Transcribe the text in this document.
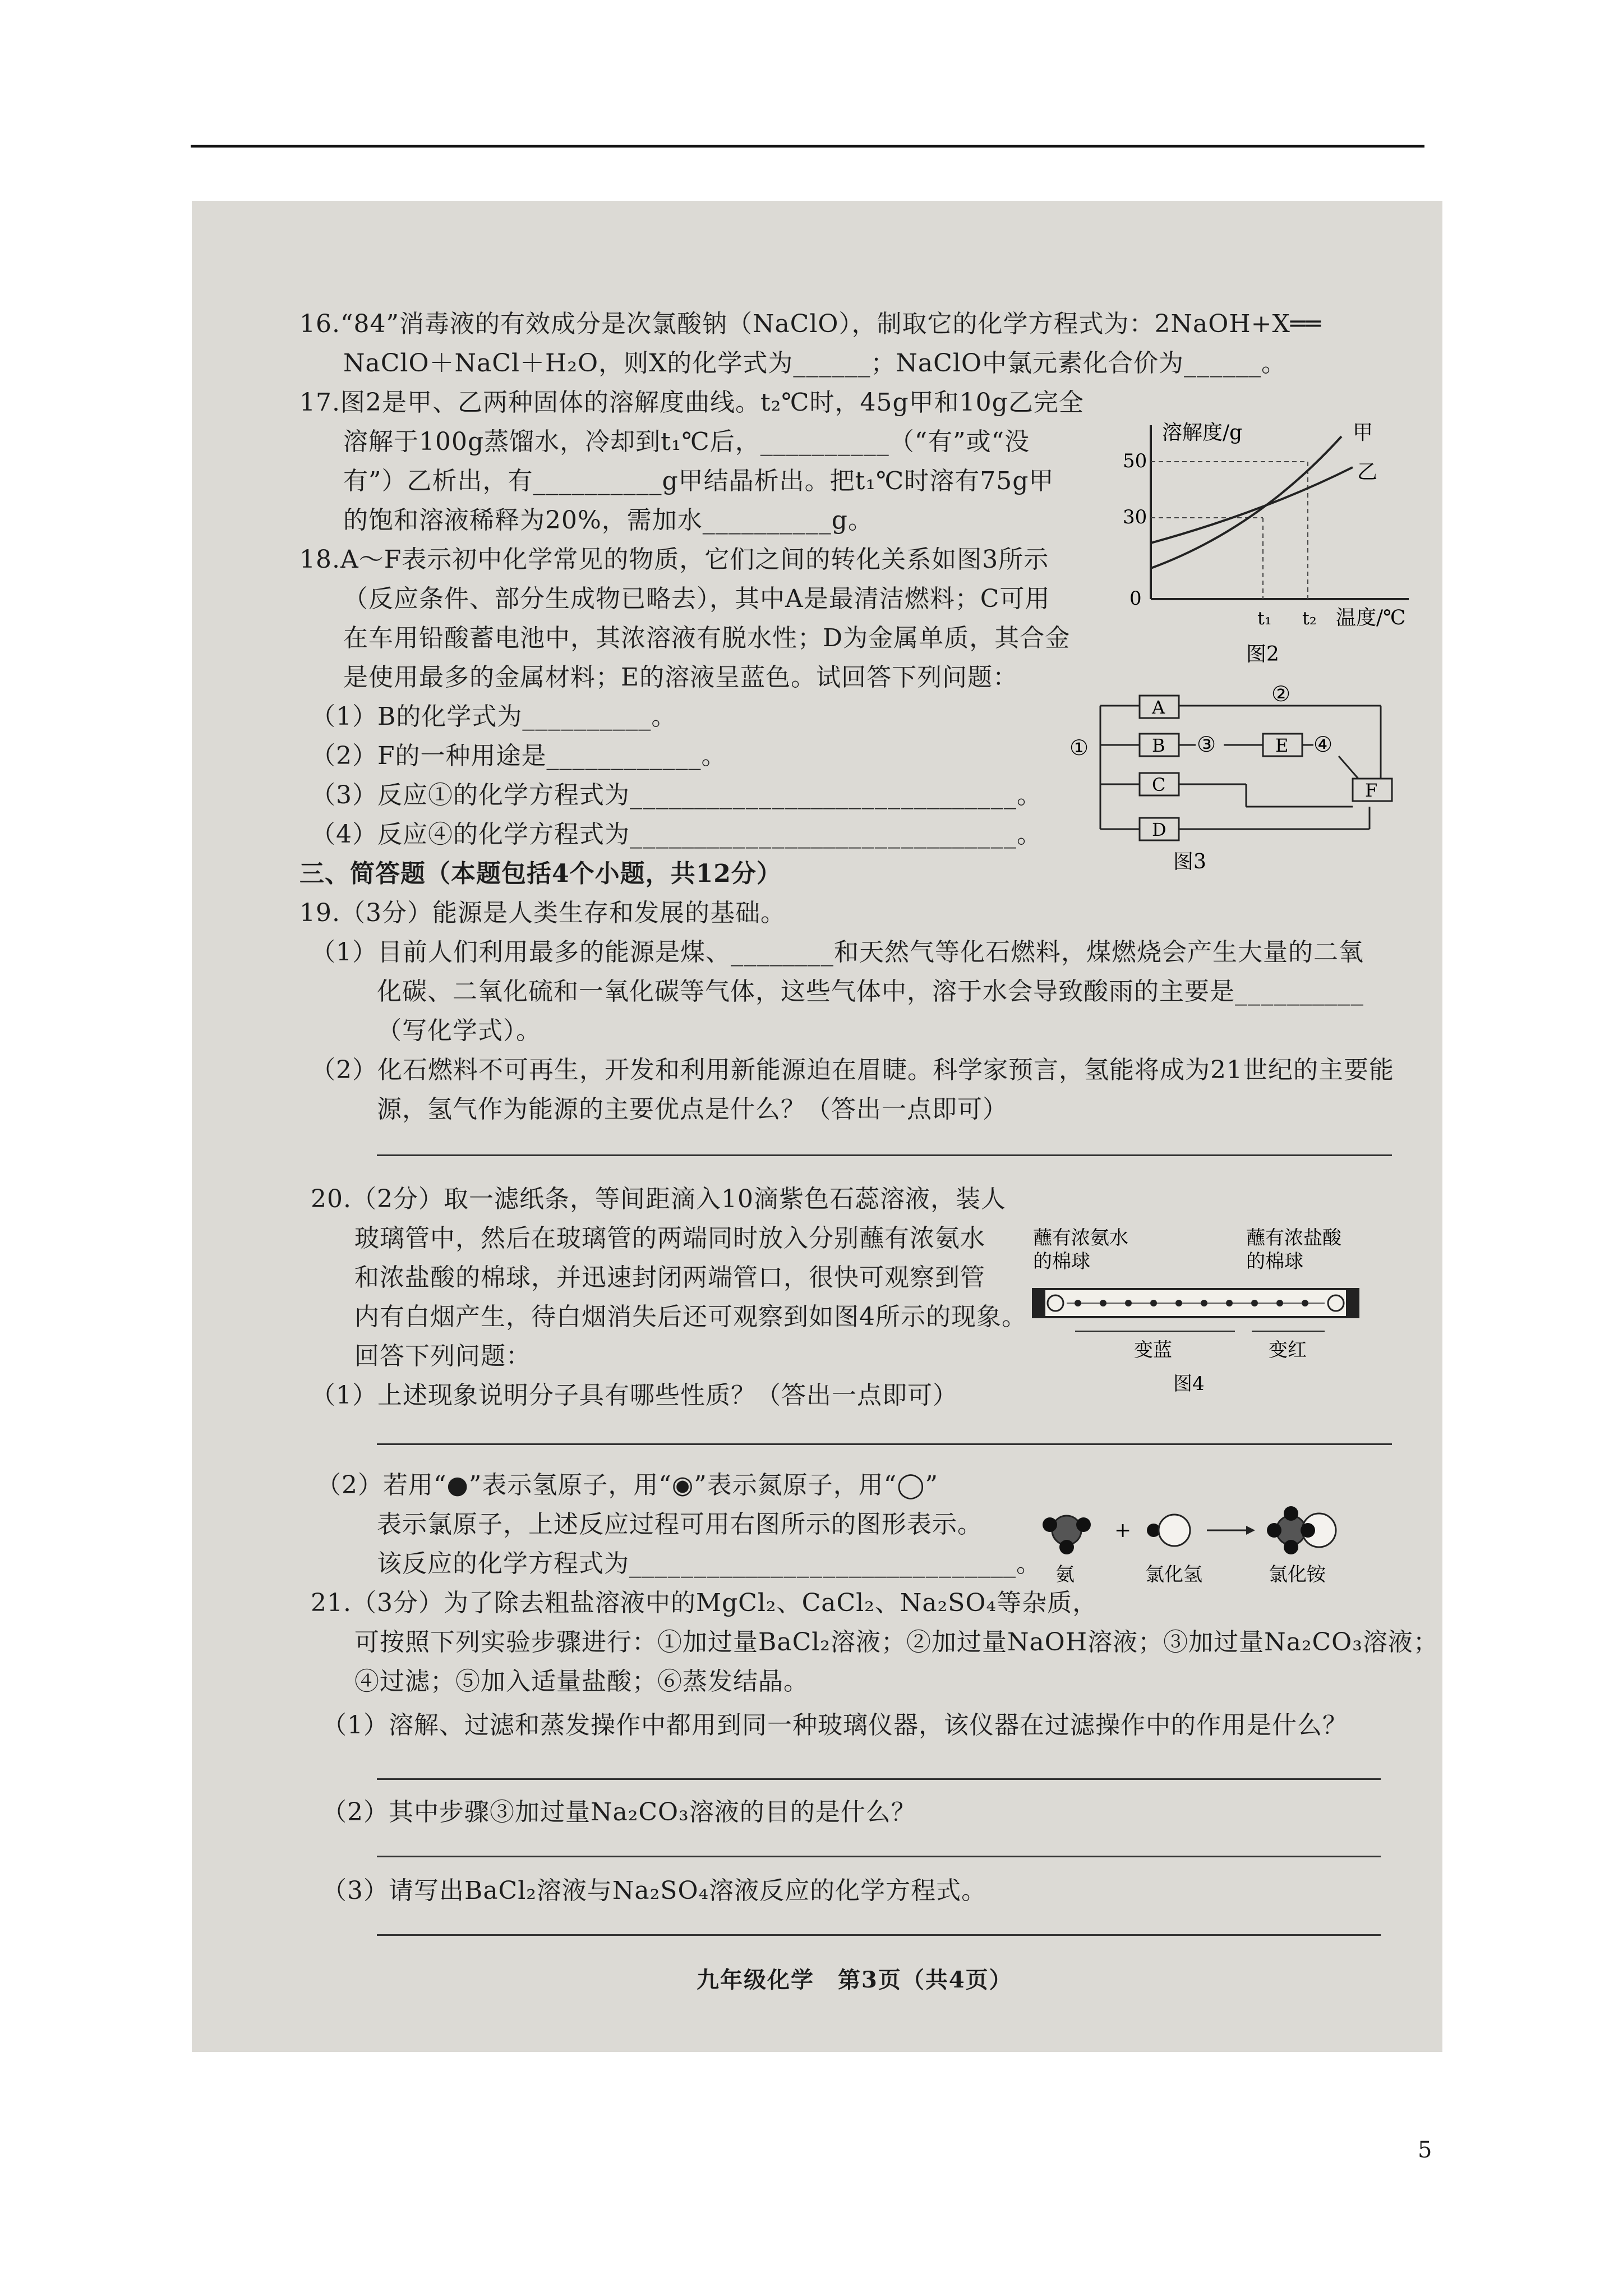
16.“84”消毒液的有效成分是次氯酸钠（NaClO），制取它的化学方程式为：2NaOH+X══
NaClO＋NaCl＋H₂O，则X的化学式为______；NaClO中氯元素化合价为______。
17.图2是甲、乙两种固体的溶解度曲线。t₂℃时，45g甲和10g乙完全
溶解于100g蒸馏水，冷却到t₁℃后，__________（“有”或“没
有”）乙析出，有__________g甲结晶析出。把t₁℃时溶有75g甲
的饱和溶液稀释为20%，需加水__________g。
18.A～F表示初中化学常见的物质，它们之间的转化关系如图3所示
（反应条件、部分生成物已略去），其中A是最清洁燃料；C可用
在车用铅酸蓄电池中，其浓溶液有脱水性；D为金属单质，其合金
是使用最多的金属材料；E的溶液呈蓝色。试回答下列问题：
（1）B的化学式为__________。
（2）F的一种用途是____________。
（3）反应①的化学方程式为______________________________。
（4）反应④的化学方程式为______________________________。
三、简答题（本题包括4个小题，共12分）
19.（3分）能源是人类生存和发展的基础。
（1）目前人们利用最多的能源是煤、________和天然气等化石燃料，煤燃烧会产生大量的二氧
化碳、二氧化硫和一氧化碳等气体，这些气体中，溶于水会导致酸雨的主要是__________
（写化学式）。
（2）化石燃料不可再生，开发和利用新能源迫在眉睫。科学家预言，氢能将成为21世纪的主要能
源，氢气作为能源的主要优点是什么？（答出一点即可）
20.（2分）取一滤纸条，等间距滴入10滴紫色石蕊溶液，装人
玻璃管中，然后在玻璃管的两端同时放入分别蘸有浓氨水
和浓盐酸的棉球，并迅速封闭两端管口，很快可观察到管
内有白烟产生，待白烟消失后还可观察到如图4所示的现象。
回答下列问题：
（1）上述现象说明分子具有哪些性质？（答出一点即可）
（2）若用“●”表示氢原子，用“◉”表示氮原子，用“◯”
表示氯原子，上述反应过程可用右图所示的图形表示。
该反应的化学方程式为______________________________。
21.（3分）为了除去粗盐溶液中的MgCl₂、CaCl₂、Na₂SO₄等杂质，
可按照下列实验步骤进行：①加过量BaCl₂溶液；②加过量NaOH溶液；③加过量Na₂CO₃溶液；
④过滤；⑤加入适量盐酸；⑥蒸发结晶。
（1）溶解、过滤和蒸发操作中都用到同一种玻璃仪器，该仪器在过滤操作中的作用是什么？
（2）其中步骤③加过量Na₂CO₃溶液的目的是什么？
（3）请写出BaCl₂溶液与Na₂SO₄溶液反应的化学方程式。
九年级化学　第3页（共4页）
溶解度/g
50
30
0
甲
乙
t₁ t₂ 温度/℃
图2
①
A
B
C
D
②
③	E ④
F
图3
蘸有浓氨水
的棉球
蘸有浓盐酸
的棉球
变蓝	变红
图4
+
氨	氯化氢	氯化铵
5
